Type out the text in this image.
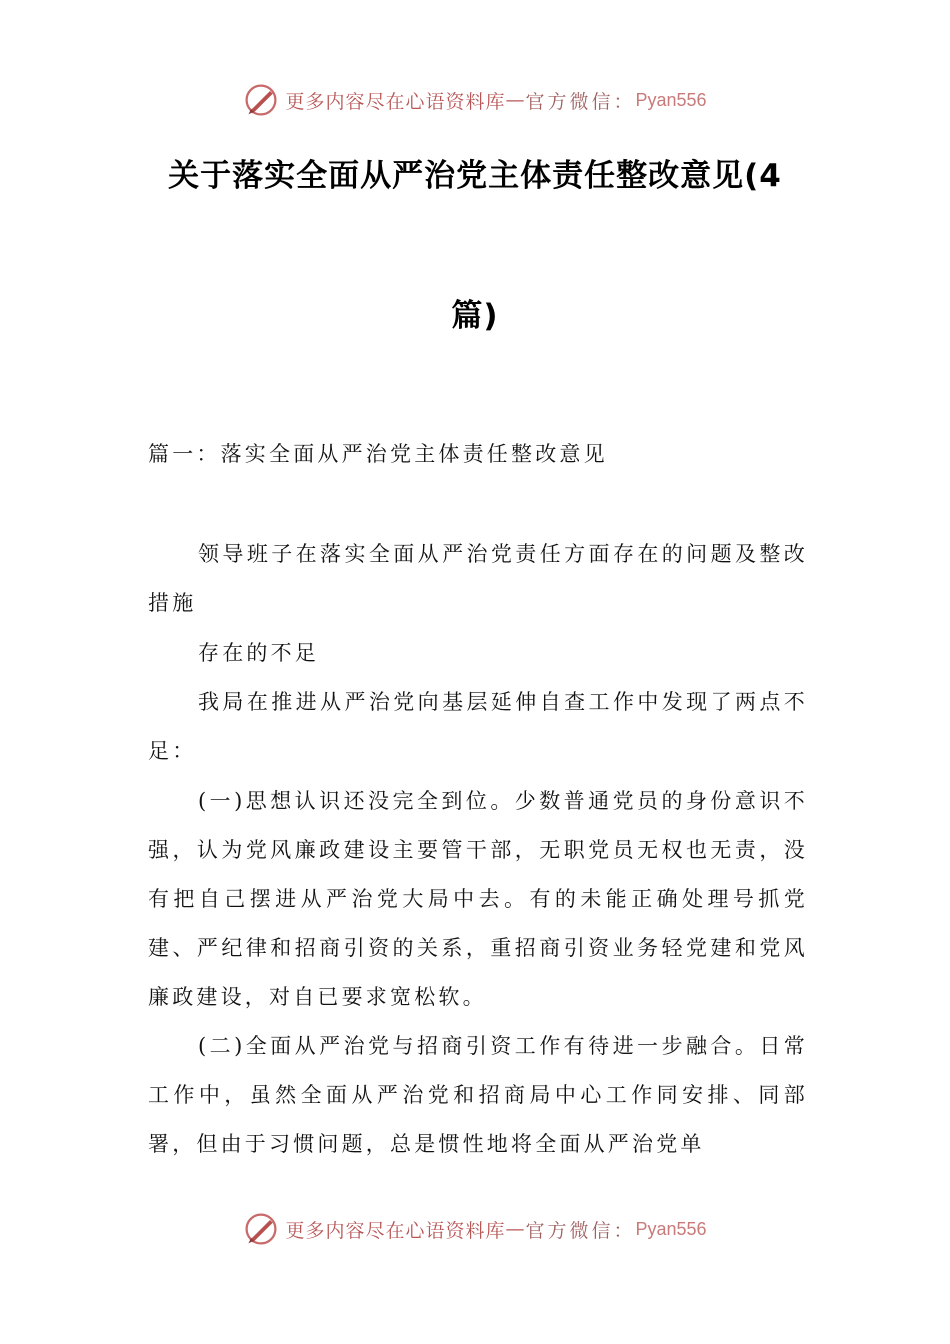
更多内容尽在心语资料库 — 官方微信： Pyan556
关于落实全面从严治党主体责任整改意见(4
篇)

篇一：落实全面从严治党主体责任整改意见

领导班子在落实全面从严治党责任方面存在的问题及整改措施

存在的不足

我局在推进从严治党向基层延伸自查工作中发现了两点不足：

(一)思想认识还没完全到位。少数普通党员的身份意识不强，认为党风廉政建设主要管干部，无职党员无权也无责，没有把自己摆进从严治党大局中去。有的未能正确处理号抓党建、严纪律和招商引资的关系，重招商引资业务轻党建和党风廉政建设，对自已要求宽松软。

(二)全面从严治党与招商引资工作有待进一步融合。日常工作中，虽然全面从严治党和招商局中心工作同安排、同部署，但由于习惯问题，总是惯性地将全面从严治党单

更多内容尽在心语资料库 — 官方微信： Pyan556
